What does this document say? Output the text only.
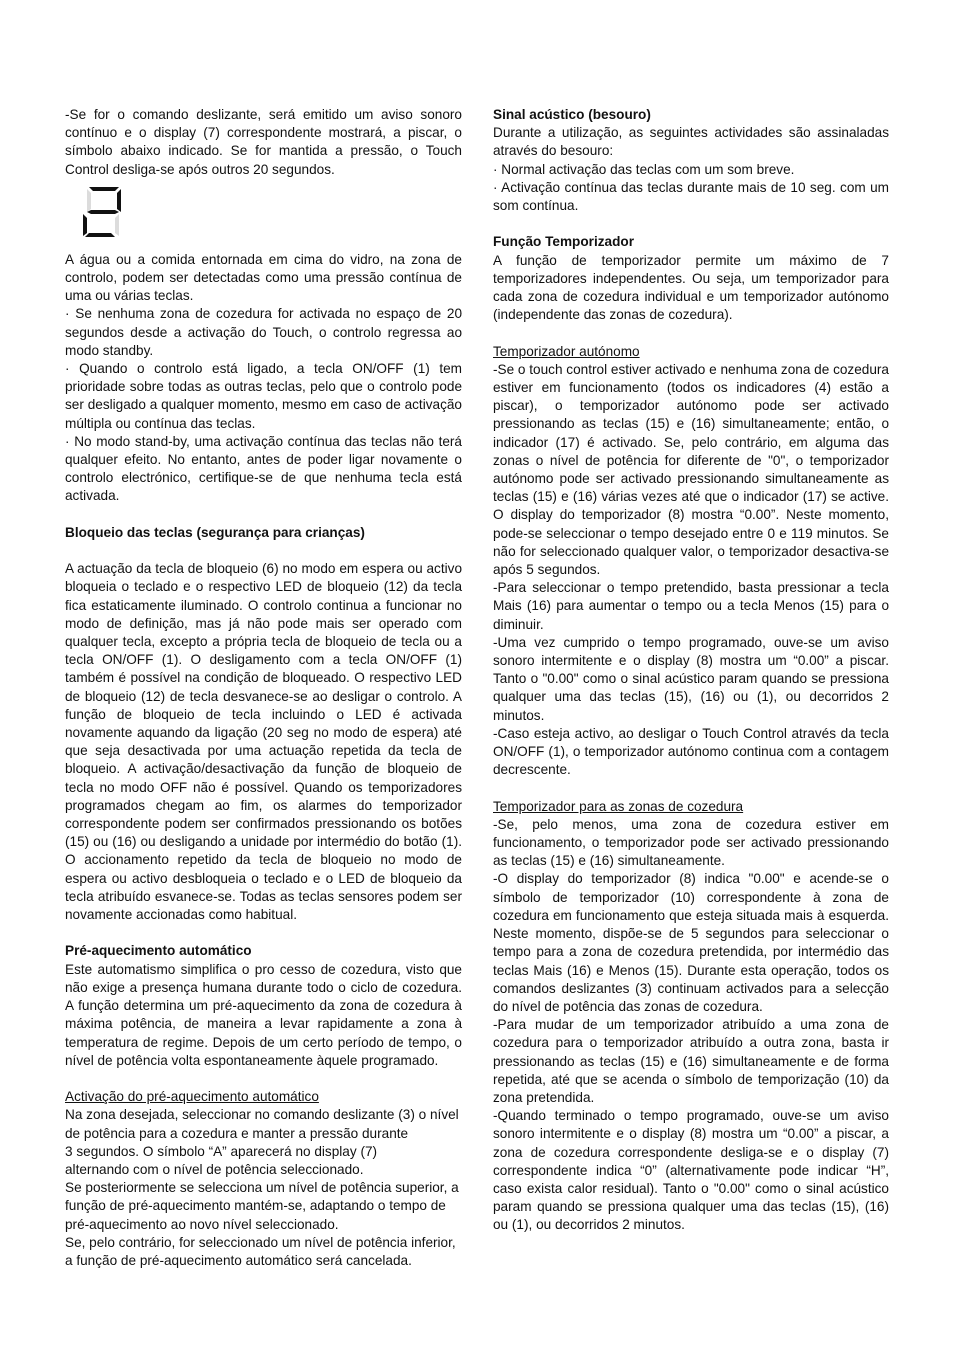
-Se for o comando deslizante, será emitido um aviso sonoro contínuo e o display (7) correspondente mostrará, a piscar, o símbolo abaixo indicado. Se for mantida a pressão, o Touch Control desliga-se após outros 20 segundos.

A água ou a comida entornada em cima do vidro, na zona de controlo, podem ser detectadas como uma pressão contínua de uma ou várias teclas.

· Se nenhuma zona de cozedura for activada no espaço de 20 segundos desde a activação do Touch, o controlo regressa ao modo standby.

· Quando o controlo está ligado, a tecla ON/OFF (1) tem prioridade sobre todas as outras teclas, pelo que o controlo pode ser desligado a qualquer momento, mesmo em caso de activação múltipla ou contínua das teclas.

· No modo stand-by, uma activação contínua das teclas não terá qualquer efeito. No entanto, antes de poder ligar novamente o controlo electrónico, certifique-se de que nenhuma tecla está activada.

Bloqueio das teclas (segurança para crianças)

A actuação da tecla de bloqueio (6) no modo em espera ou activo bloqueia o teclado e o respectivo LED de bloqueio (12) da tecla fica estaticamente iluminado. O controlo continua a funcionar no modo de definição, mas já não pode mais ser operado com qualquer tecla, excepto a própria tecla de bloqueio de tecla ou a tecla ON/OFF (1). O desligamento com a tecla ON/OFF (1) também é possível na condição de bloqueado. O respectivo LED de bloqueio (12) de tecla desvanece-se ao desligar o controlo. A função de bloqueio de tecla incluindo o LED é activada novamente aquando da ligação (20 seg no modo de espera) até que seja desactivada por uma actuação repetida da tecla de bloqueio. A activação/desactivação da função de bloqueio de tecla no modo OFF não é possível. Quando os temporizadores programados chegam ao fim, os alarmes do temporizador correspondente podem ser confirmados pressionando os botões (15) ou (16) ou desligando a unidade por intermédio do botão (1). O accionamento repetido da tecla de bloqueio no modo de espera ou activo desbloqueia o teclado e o LED de bloqueio da tecla atribuído esvanece-se. Todas as teclas sensores podem ser novamente accionadas como habitual.

Pré-aquecimento automático

Este automatismo simplifica o pro cesso de cozedura, visto que não exige a presença humana durante todo o ciclo de cozedura. A função determina um pré-aquecimento da zona de cozedura à máxima potência, de maneira a levar rapidamente a zona à temperatura de regime. Depois de um certo período de tempo, o nível de potência volta espontaneamente àquele programado.

Activação do pré-aquecimento automático

Na zona desejada, seleccionar no comando deslizante (3) o nível

de potência para a cozedura e manter a pressão durante

3 segundos. O símbolo “A” aparecerá no display (7)

alternando com o nível de potência seleccionado.

Se posteriormente se selecciona um nível de potência superior, a

função de pré-aquecimento mantém-se, adaptando o tempo de

pré-aquecimento ao novo nível seleccionado.

Se, pelo contrário, for seleccionado um nível de potência inferior,

a função de pré-aquecimento automático será cancelada.

Sinal acústico (besouro)

Durante a utilização, as seguintes actividades são assinaladas através do besouro:

· Normal activação das teclas com um som breve.

· Activação contínua das teclas durante mais de 10 seg. com um som contínua.

Função Temporizador

A função de temporizador permite um máximo de 7 temporizadores independentes. Ou seja, um temporizador para cada zona de cozedura individual e um temporizador autónomo (independente das zonas de cozedura).

Temporizador autónomo

-Se o touch control estiver activado e nenhuma zona de cozedura estiver em funcionamento (todos os indicadores (4) estão a piscar), o temporizador autónomo pode ser activado pressionando as teclas (15) e (16) simultaneamente; então, o indicador (17) é activado. Se, pelo contrário, em alguma das zonas o nível de potência for diferente de "0", o temporizador autónomo pode ser activado pressionando simultaneamente as teclas (15) e (16) várias vezes até que o indicador (17) se active. O display do temporizador (8) mostra “0.00”. Neste momento, pode-se seleccionar o tempo desejado entre 0 e 119 minutos. Se não for seleccionado qualquer valor, o temporizador desactiva-se após 5 segundos.

-Para seleccionar o tempo pretendido, basta pressionar a tecla Mais (16) para aumentar o tempo ou a tecla Menos (15) para o diminuir.

-Uma vez cumprido o tempo programado, ouve-se um aviso sonoro intermitente e o display (8) mostra um “0.00” a piscar. Tanto o "0.00" como o sinal acústico param quando se pressiona qualquer uma das teclas (15), (16) ou (1), ou decorridos 2 minutos.

-Caso esteja activo, ao desligar o Touch Control através da tecla ON/OFF (1), o temporizador autónomo continua com a contagem decrescente.

Temporizador para as zonas de cozedura

-Se, pelo menos, uma zona de cozedura estiver em funcionamento, o temporizador pode ser activado pressionando as teclas (15) e (16) simultaneamente.

-O display do temporizador (8) indica "0.00" e acende-se o símbolo de temporizador (10) correspondente à zona de cozedura em funcionamento que esteja situada mais à esquerda. Neste momento, dispõe-se de 5 segundos para seleccionar o tempo para a zona de cozedura pretendida, por intermédio das teclas Mais (16) e Menos (15). Durante esta operação, todos os comandos deslizantes (3) continuam activados para a selecção do nível de potência das zonas de cozedura.

-Para mudar de um temporizador atribuído a uma zona de cozedura para o temporizador atribuído a outra zona, basta ir pressionando as teclas (15) e (16) simultaneamente e de forma repetida, até que se acenda o símbolo de temporização (10) da zona pretendida.

-Quando terminado o tempo programado, ouve-se um aviso sonoro intermitente e o display (8) mostra um “0.00” a piscar, a zona de cozedura correspondente desliga-se e o display (7) correspondente indica “0” (alternativamente pode indicar “H”, caso exista calor residual). Tanto o "0.00" como o sinal acústico param quando se pressiona qualquer uma das teclas (15), (16) ou (1), ou decorridos 2 minutos.
